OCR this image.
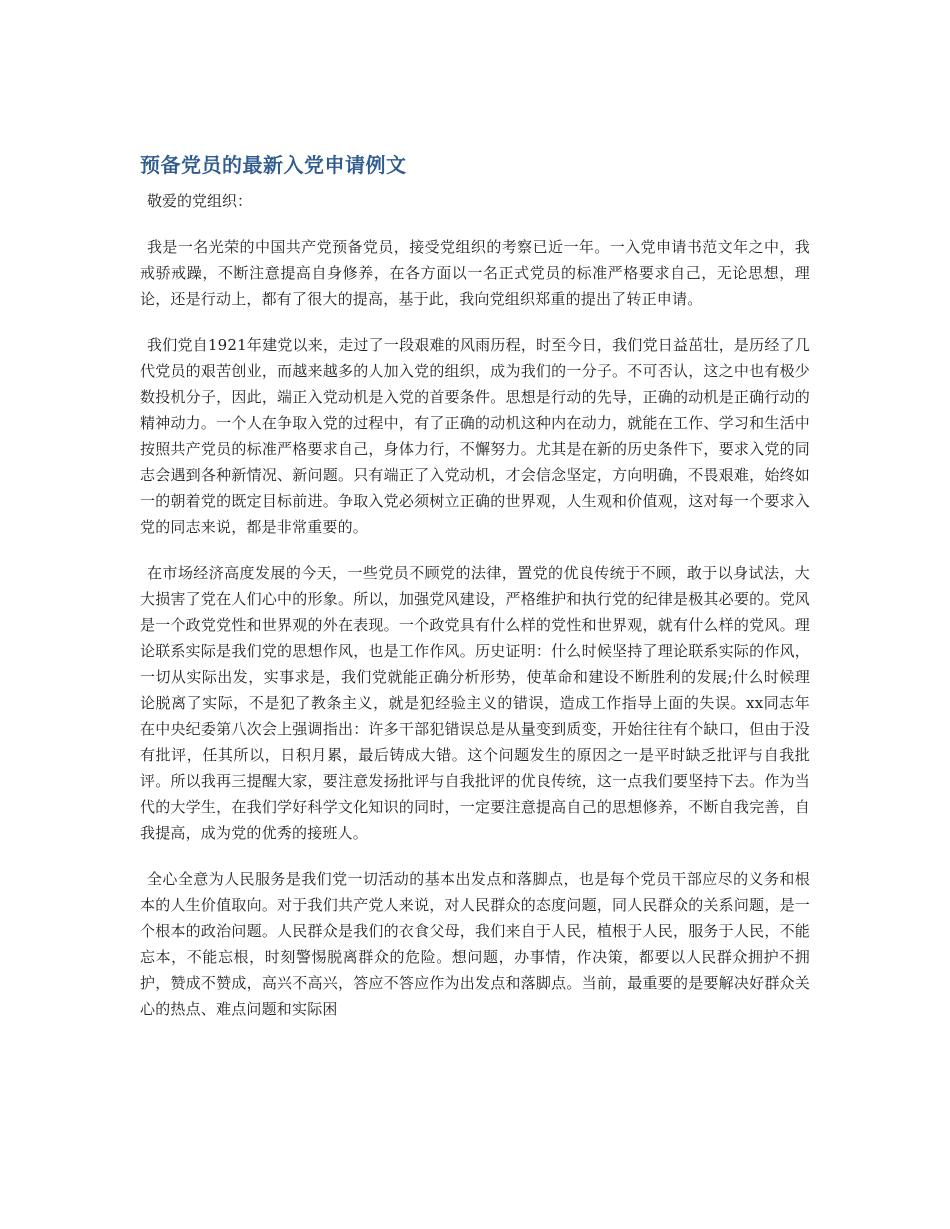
预备党员的最新入党申请例文
敬爱的党组织：

我是一名光荣的中国共产党预备党员，接受党组织的考察已近一年。一入党申请书范文年之中，我戒骄戒躁，不断注意提高自身修养，在各方面以一名正式党员的标准严格要求自己，无论思想，理论，还是行动上，都有了很大的提高，基于此，我向党组织郑重的提出了转正申请。

我们党自1921年建党以来，走过了一段艰难的风雨历程，时至今日，我们党日益茁壮，是历经了几代党员的艰苦创业，而越来越多的人加入党的组织，成为我们的一分子。不可否认，这之中也有极少数投机分子，因此，端正入党动机是入党的首要条件。思想是行动的先导，正确的动机是正确行动的精神动力。一个人在争取入党的过程中，有了正确的动机这种内在动力，就能在工作、学习和生活中按照共产党员的标准严格要求自己，身体力行，不懈努力。尤其是在新的历史条件下，要求入党的同志会遇到各种新情况、新问题。只有端正了入党动机，才会信念坚定，方向明确，不畏艰难，始终如一的朝着党的既定目标前进。争取入党必须树立正确的世界观，人生观和价值观，这对每一个要求入党的同志来说，都是非常重要的。

在市场经济高度发展的今天，一些党员不顾党的法律，置党的优良传统于不顾，敢于以身试法，大大损害了党在人们心中的形象。所以，加强党风建设，严格维护和执行党的纪律是极其必要的。党风是一个政党党性和世界观的外在表现。一个政党具有什么样的党性和世界观，就有什么样的党风。理论联系实际是我们党的思想作风，也是工作作风。历史证明：什么时候坚持了理论联系实际的作风，一切从实际出发，实事求是，我们党就能正确分析形势，使革命和建设不断胜利的发展;什么时候理论脱离了实际，不是犯了教条主义，就是犯经验主义的错误，造成工作指导上面的失误。xx同志年在中央纪委第八次会上强调指出：许多干部犯错误总是从量变到质变，开始往往有个缺口，但由于没有批评，任其所以，日积月累，最后铸成大错。这个问题发生的原因之一是平时缺乏批评与自我批评。所以我再三提醒大家，要注意发扬批评与自我批评的优良传统，这一点我们要坚持下去。作为当代的大学生，在我们学好科学文化知识的同时，一定要注意提高自己的思想修养，不断自我完善，自我提高，成为党的优秀的接班人。

全心全意为人民服务是我们党一切活动的基本出发点和落脚点，也是每个党员干部应尽的义务和根本的人生价值取向。对于我们共产党人来说，对人民群众的态度问题，同人民群众的关系问题，是一个根本的政治问题。人民群众是我们的衣食父母，我们来自于人民，植根于人民，服务于人民，不能忘本，不能忘根，时刻警惕脱离群众的危险。想问题，办事情，作决策，都要以人民群众拥护不拥护，赞成不赞成，高兴不高兴，答应不答应作为出发点和落脚点。当前，最重要的是要解决好群众关心的热点、难点问题和实际困
